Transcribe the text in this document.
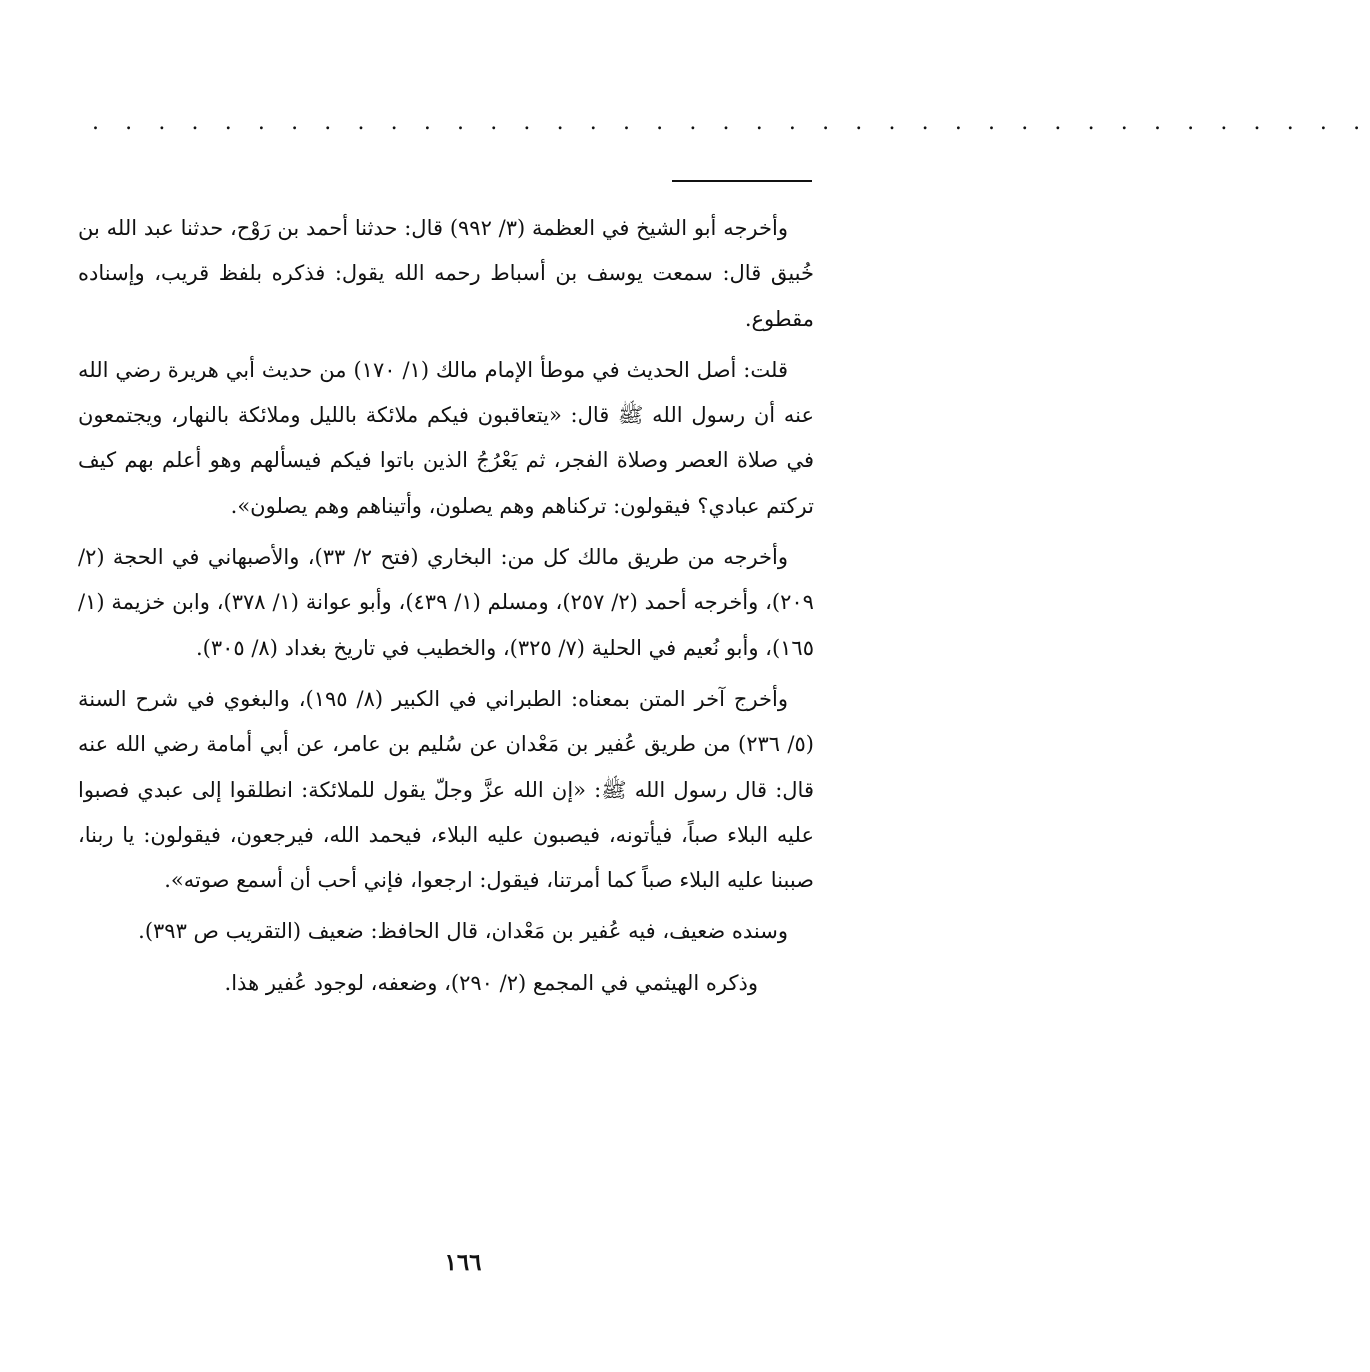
. . . . . . . . . . . . . . . . . . . . . . . . . . . . . . . . . . . . . . .

وأخرجه أبو الشيخ في العظمة (٣/ ٩٩٢) قال: حدثنا أحمد بن رَوْح، حدثنا عبد الله بن خُبيق قال: سمعت يوسف بن أسباط رحمه الله يقول: فذكره بلفظ قريب، وإسناده مقطوع.

قلت: أصل الحديث في موطأ الإمام مالك (١/ ١٧٠) من حديث أبي هريرة رضي الله عنه أن رسول الله ﷺ قال: «يتعاقبون فيكم ملائكة بالليل وملائكة بالنهار، ويجتمعون في صلاة العصر وصلاة الفجر، ثم يَعْرُجُ الذين باتوا فيكم فيسألهم وهو أعلم بهم كيف تركتم عبادي؟ فيقولون: تركناهم وهم يصلون، وأتيناهم وهم يصلون».

وأخرجه من طريق مالك كل من: البخاري (فتح ٢/ ٣٣)، والأصبهاني في الحجة (٢/ ٢٠٩)، وأخرجه أحمد (٢/ ٢٥٧)، ومسلم (١/ ٤٣٩)، وأبو عوانة (١/ ٣٧٨)، وابن خزيمة (١/ ١٦٥)، وأبو نُعيم في الحلية (٧/ ٣٢٥)، والخطيب في تاريخ بغداد (٨/ ٣٠٥).

وأخرج آخر المتن بمعناه: الطبراني في الكبير (٨/ ١٩٥)، والبغوي في شرح السنة (٥/ ٢٣٦) من طريق عُفير بن مَعْدان عن سُليم بن عامر، عن أبي أمامة رضي الله عنه قال: قال رسول الله ﷺ: «إن الله عزَّ وجلّ يقول للملائكة: انطلقوا إلى عبدي فصبوا عليه البلاء صباً، فيأتونه، فيصبون عليه البلاء، فيحمد الله، فيرجعون، فيقولون: يا ربنا، صببنا عليه البلاء صباً كما أمرتنا، فيقول: ارجعوا، فإني أحب أن أسمع صوته».

وسنده ضعيف، فيه عُفير بن مَعْدان، قال الحافظ: ضعيف (التقريب ص ٣٩٣).

وذكره الهيثمي في المجمع (٢/ ٢٩٠)، وضعفه، لوجود عُفير هذا.

١٦٦
